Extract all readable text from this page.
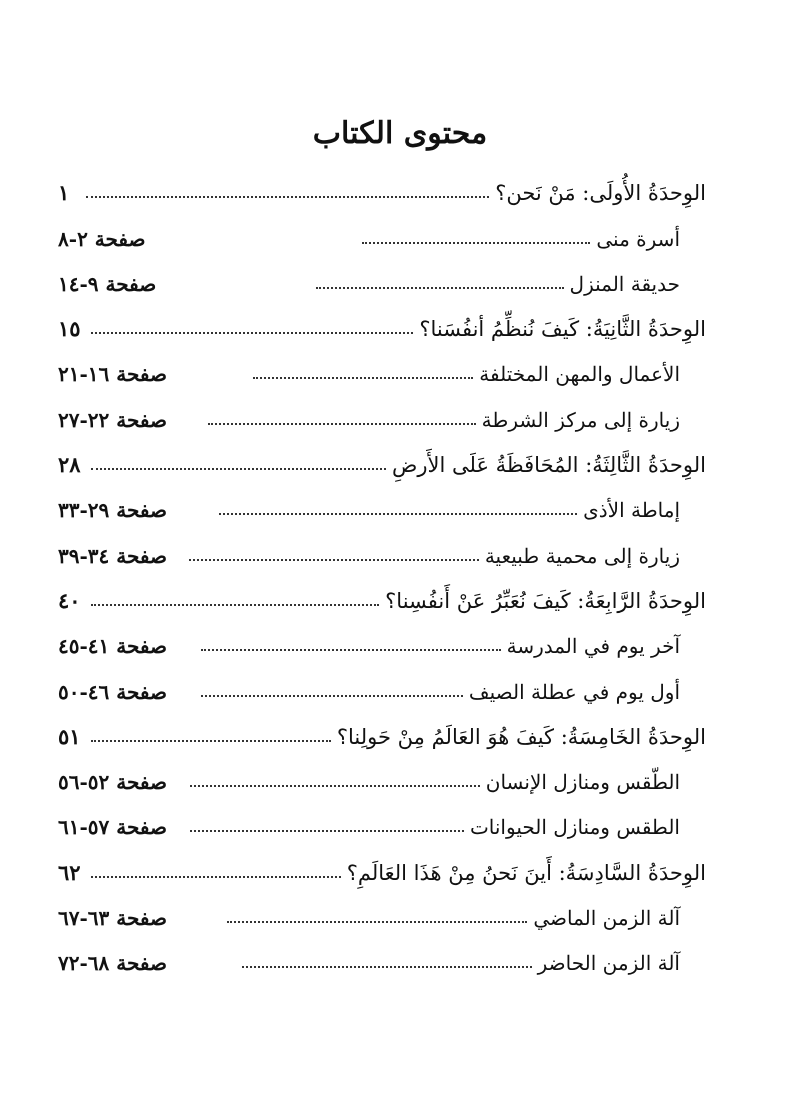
محتوى الكتاب
الوِحدَةُ الأُولَى: مَنْ نَحن؟
١
أسرة منى
صفحة ٢-٨
حديقة المنزل
صفحة ٩-١٤
الوِحدَةُ الثَّانِيَةُ: كَيفَ نُنظِّمُ أنفُسَنا؟
١٥
الأعمال والمهن المختلفة
صفحة ١٦-٢١
زيارة إلى مركز الشرطة
صفحة ٢٢-٢٧
الوِحدَةُ الثَّالِثَةُ: المُحَافَظَةُ عَلَى الأَرضِ
٢٨
إماطة الأذى
صفحة ٢٩-٣٣
زيارة إلى محمية طبيعية
صفحة ٣٤-٣٩
الوِحدَةُ الرَّابِعَةُ: كَيفَ نُعَبِّرُ عَنْ أَنفُسِنا؟
٤٠
آخر يوم في المدرسة
صفحة ٤١-٤٥
أول يوم في عطلة الصيف
صفحة ٤٦-٥٠
الوِحدَةُ الخَامِسَةُ: كَيفَ هُوَ العَالَمُ مِنْ حَولِنا؟
٥١
الطّقس ومنازل الإنسان
صفحة ٥٢-٥٦
الطقس ومنازل الحيوانات
صفحة ٥٧-٦١
الوِحدَةُ السَّادِسَةُ: أَينَ نَحنُ مِنْ هَذَا العَالَمِ؟
٦٢
آلة الزمن الماضي
صفحة ٦٣-٦٧
آلة الزمن الحاضر
صفحة ٦٨-٧٢
